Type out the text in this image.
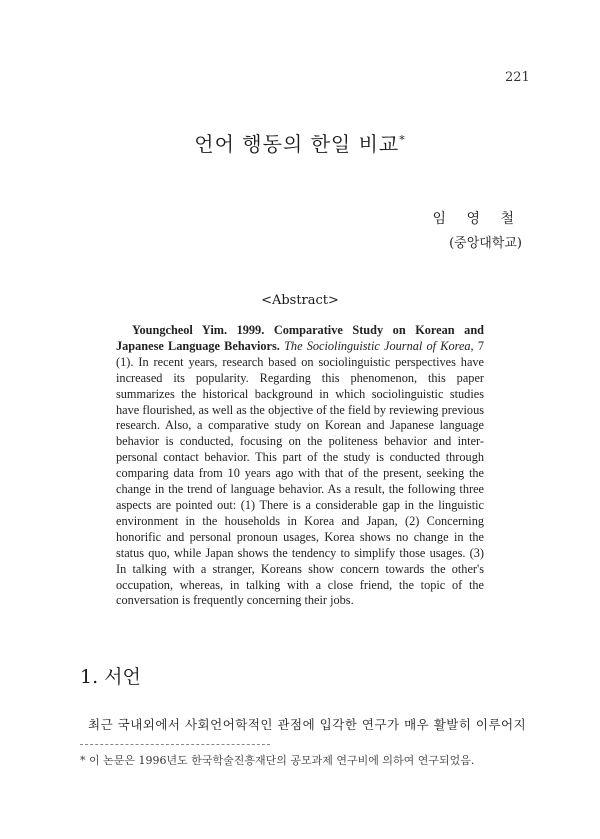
221
언어 행동의 한일 비교*
임 영 철
(중앙대학교)
<Abstract>

Youngcheol Yim. 1999. Comparative Study on Korean and Japanese Language Behaviors. The Sociolinguistic Journal of Korea, 7 (1). In recent years, research based on sociolinguistic perspectives have increased its popularity. Regarding this phenomenon, this paper summarizes the historical background in which sociolinguistic studies have flourished, as well as the objective of the field by reviewing previous research. Also, a comparative study on Korean and Japanese language behavior is conducted, focusing on the politeness behavior and inter-personal contact behavior. This part of the study is conducted through comparing data from 10 years ago with that of the present, seeking the change in the trend of language behavior. As a result, the following three aspects are pointed out: (1) There is a considerable gap in the linguistic environment in the households in Korea and Japan, (2) Concerning honorific and personal pronoun usages, Korea shows no change in the status quo, while Japan shows the tendency to simplify those usages. (3) In talking with a stranger, Koreans show concern towards the other's occupation, whereas, in talking with a close friend, the topic of the conversation is frequently concerning their jobs.

1. 서언
최근 국내외에서 사회언어학적인 관점에 입각한 연구가 매우 활발히 이루어지
* 이 논문은 1996년도 한국학술진흥재단의 공모과제 연구비에 의하여 연구되었음.
